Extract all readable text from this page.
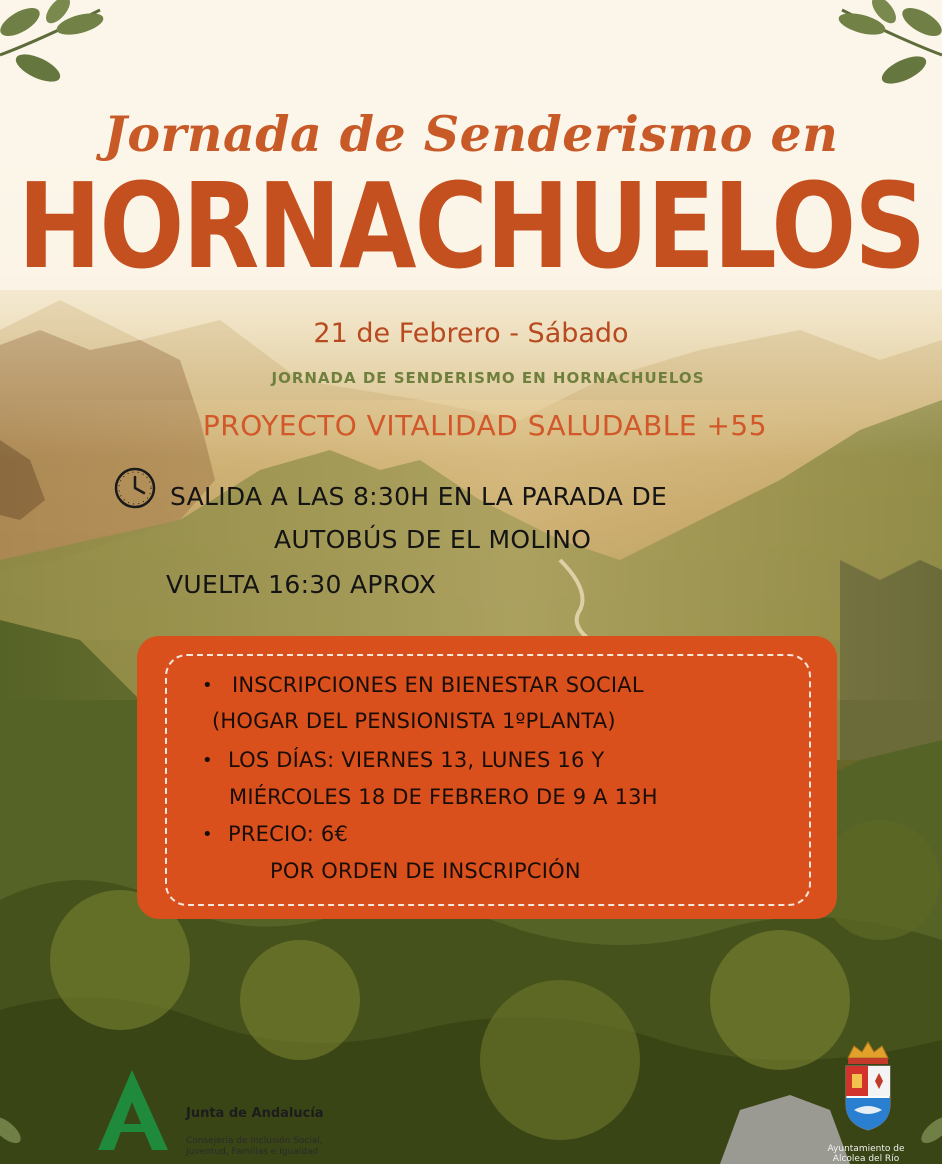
Jornada de Senderismo en
HORNACHUELOS
21 de Febrero - Sábado
JORNADA DE SENDERISMO EN HORNACHUELOS
PROYECTO VITALIDAD SALUDABLE +55
SALIDA A LAS 8:30H EN LA PARADA DE
AUTOBÚS DE EL MOLINO
VUELTA 16:30 APROX
• INSCRIPCIONES EN BIENESTAR SOCIAL
(HOGAR DEL PENSIONISTA 1ºPLANTA)
• LOS DÍAS: VIERNES 13, LUNES 16 Y
MIÉRCOLES 18 DE FEBRERO DE 9 A 13H
• PRECIO: 6€
POR ORDEN DE INSCRIPCIÓN
Junta de Andalucía
Consejería de Inclusión Social, Juventud, Familias e Igualdad	Ayuntamiento de Alcolea del Río
